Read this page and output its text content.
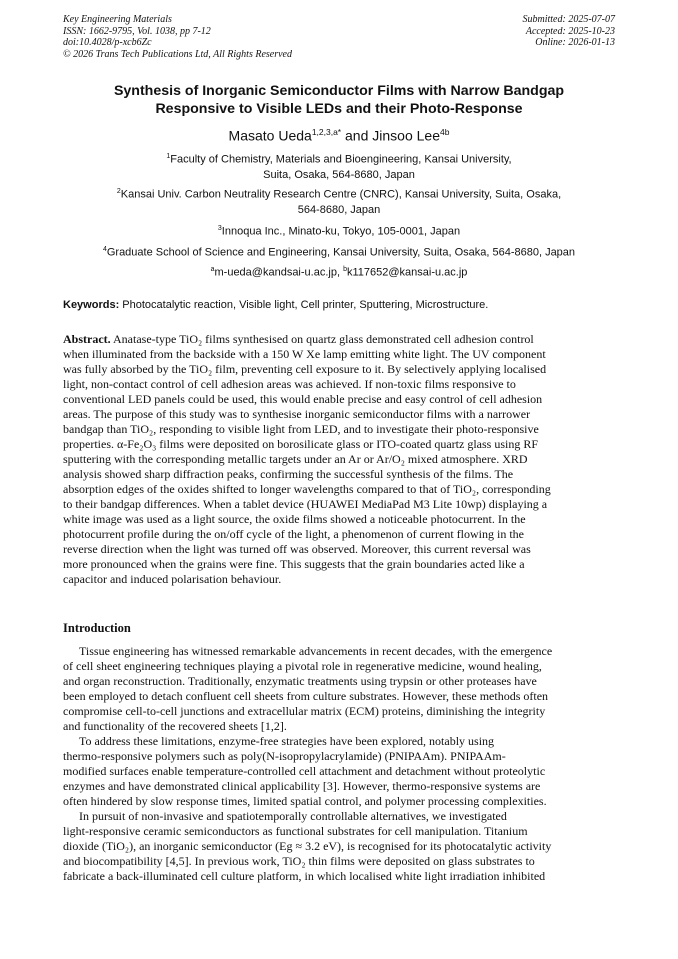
Key Engineering Materials
ISSN: 1662-9795, Vol. 1038, pp 7-12
doi:10.4028/p-xcb6Zc
© 2026 Trans Tech Publications Ltd, All Rights Reserved
Submitted: 2025-07-07
Accepted: 2025-10-23
Online: 2026-01-13
Synthesis of Inorganic Semiconductor Films with Narrow Bandgap
Responsive to Visible LEDs and their Photo-Response
Masato Ueda$^{1,2,3,a*}$ and Jinsoo Lee$^{4b}$
$^1$Faculty of Chemistry, Materials and Bioengineering, Kansai University,
Suita, Osaka, 564-8680, Japan
$^2$Kansai Univ. Carbon Neutrality Research Centre (CNRC), Kansai University, Suita, Osaka,
564-8680, Japan
$^3$Innoqua Inc., Minato-ku, Tokyo, 105-0001, Japan
$^4$Graduate School of Science and Engineering, Kansai University, Suita, Osaka, 564-8680, Japan
$^a$m-ueda@kandsai-u.ac.jp, $^b$k117652@kansai-u.ac.jp
Keywords: Photocatalytic reaction, Visible light, Cell printer, Sputtering, Microstructure.
Abstract. Anatase-type TiO₂ films synthesised on quartz glass demonstrated cell adhesion control
when illuminated from the backside with a 150 W Xe lamp emitting white light. The UV component
was fully absorbed by the TiO₂ film, preventing cell exposure to it. By selectively applying localised
light, non-contact control of cell adhesion areas was achieved. If non-toxic films responsive to
conventional LED panels could be used, this would enable precise and easy control of cell adhesion
areas. The purpose of this study was to synthesise inorganic semiconductor films with a narrower
bandgap than TiO₂, responding to visible light from LED, and to investigate their photo-responsive
properties. α-Fe₂O₃ films were deposited on borosilicate glass or ITO-coated quartz glass using RF
sputtering with the corresponding metallic targets under an Ar or Ar/O₂ mixed atmosphere. XRD
analysis showed sharp diffraction peaks, confirming the successful synthesis of the films. The
absorption edges of the oxides shifted to longer wavelengths compared to that of TiO₂, corresponding
to their bandgap differences. When a tablet device (HUAWEI MediaPad M3 Lite 10wp) displaying a
white image was used as a light source, the oxide films showed a noticeable photocurrent. In the
photocurrent profile during the on/off cycle of the light, a phenomenon of current flowing in the
reverse direction when the light was turned off was observed. Moreover, this current reversal was
more pronounced when the grains were fine. This suggests that the grain boundaries acted like a
capacitor and induced polarisation behaviour.
Introduction
Tissue engineering has witnessed remarkable advancements in recent decades, with the emergence
of cell sheet engineering techniques playing a pivotal role in regenerative medicine, wound healing,
and organ reconstruction. Traditionally, enzymatic treatments using trypsin or other proteases have
been employed to detach confluent cell sheets from culture substrates. However, these methods often
compromise cell-to-cell junctions and extracellular matrix (ECM) proteins, diminishing the integrity
and functionality of the recovered sheets [1,2].
To address these limitations, enzyme-free strategies have been explored, notably using
thermo-responsive polymers such as poly(N-isopropylacrylamide) (PNIPAAm). PNIPAAm-
modified surfaces enable temperature-controlled cell attachment and detachment without proteolytic
enzymes and have demonstrated clinical applicability [3]. However, thermo-responsive systems are
often hindered by slow response times, limited spatial control, and polymer processing complexities.
In pursuit of non-invasive and spatiotemporally controllable alternatives, we investigated
light-responsive ceramic semiconductors as functional substrates for cell manipulation. Titanium
dioxide (TiO₂), an inorganic semiconductor (Eg ≈ 3.2 eV), is recognised for its photocatalytic activity
and biocompatibility [4,5]. In previous work, TiO₂ thin films were deposited on glass substrates to
fabricate a back-illuminated cell culture platform, in which localised white light irradiation inhibited
